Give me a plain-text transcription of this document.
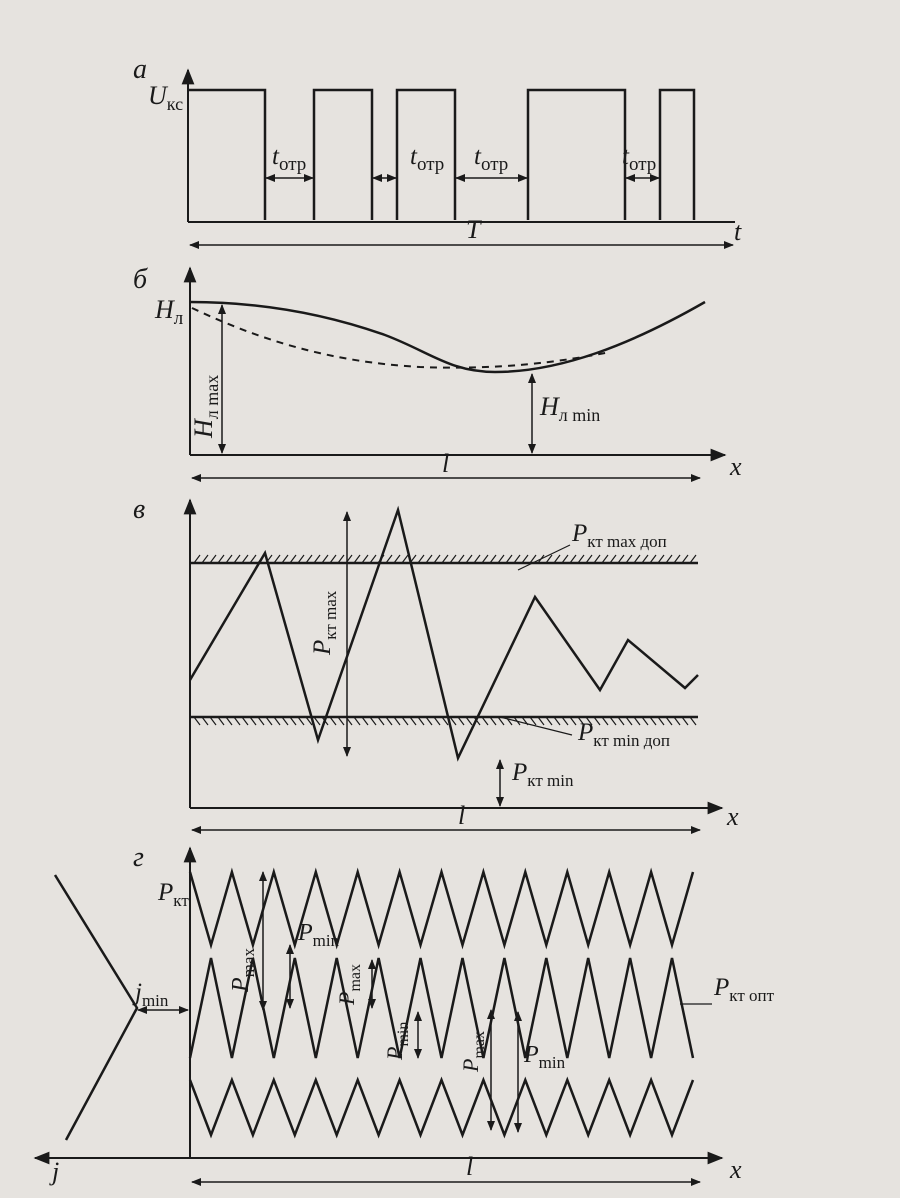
а
$U_{кс}$
$t_{отр}$	$t_{отр}$ $t_{отр}$	$t_{отр}$
T	t
б
$H_л$
$H_{л max}$	$H_{л min}$
l	x
в
$P_{кт max доп}$
$P_{кт min доп}$
$P_{кт max}$
$P_{кт min}$
l	x
г
$P_{кт}$
$j_{min}$
$P_{max}$
$P_{min}$
$P_{max}$
$P_{min}$
$P_{max}$ $P_{min}$
$P_{кт опт}$
l	x
j
